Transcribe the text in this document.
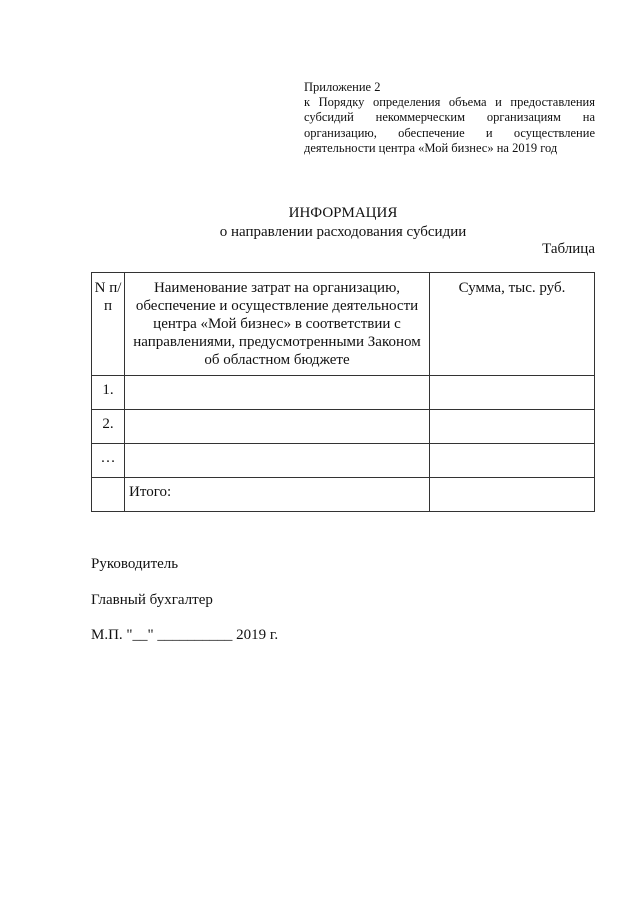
Приложение 2
к Порядку определения объема и предоставления
субсидий некоммерческим организациям на
организацию, обеспечение и осуществление
деятельности центра «Мой бизнес» на 2019 год
ИНФОРМАЦИЯ
о направлении расходования субсидии
Таблица
N п/п	Наименование затрат на организацию, обеспечение и осуществление деятельности центра «Мой бизнес» в соответствии с направлениями, предусмотренными Законом об областном бюджете	Сумма, тыс. руб.
1.		
2.		
…		
	Итого:	
Руководитель
Главный бухгалтер
М.П. "__" __________ 2019 г.
